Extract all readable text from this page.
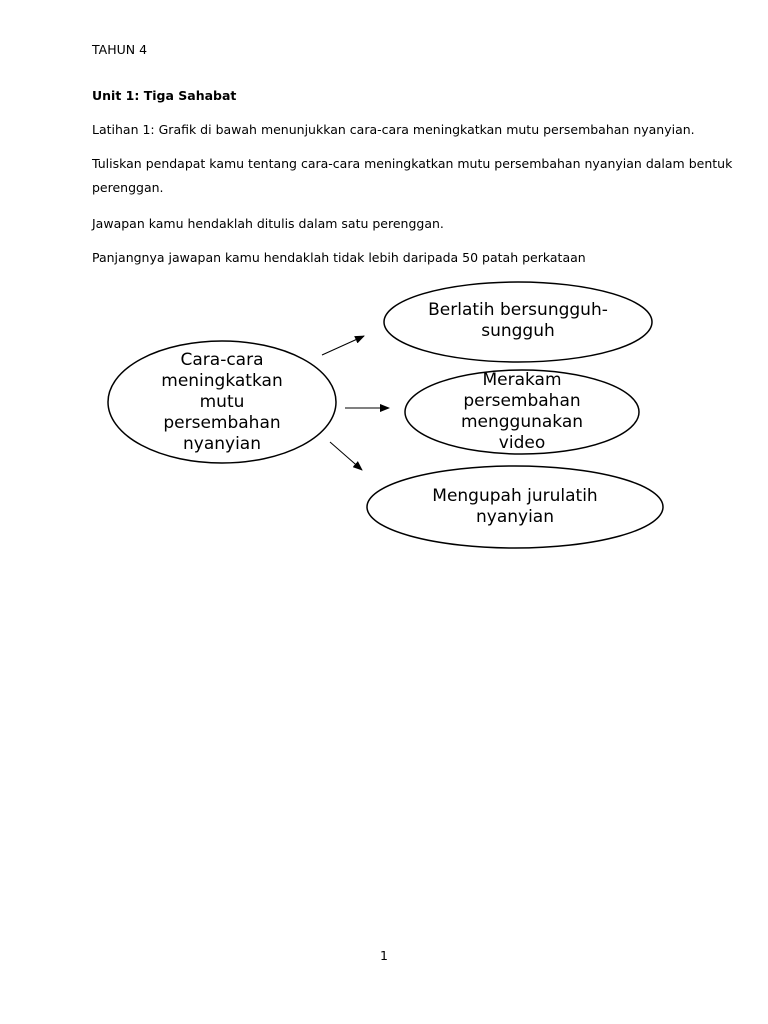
TAHUN 4

Unit 1: Tiga Sahabat

Latihan 1: Grafik di bawah menunjukkan cara-cara meningkatkan mutu persembahan nyanyian.

Tuliskan pendapat kamu tentang cara-cara meningkatkan mutu persembahan nyanyian dalam bentuk

perenggan.

Jawapan kamu hendaklah ditulis dalam satu perenggan.

Panjangnya jawapan kamu hendaklah tidak lebih daripada 50 patah perkataan

Cara-cara
meningkatkan
mutu
persembahan
nyanyian
Berlatih bersungguh-
sungguh
Merakam
persembahan
menggunakan
video
Mengupah jurulatih
nyanyian
1
